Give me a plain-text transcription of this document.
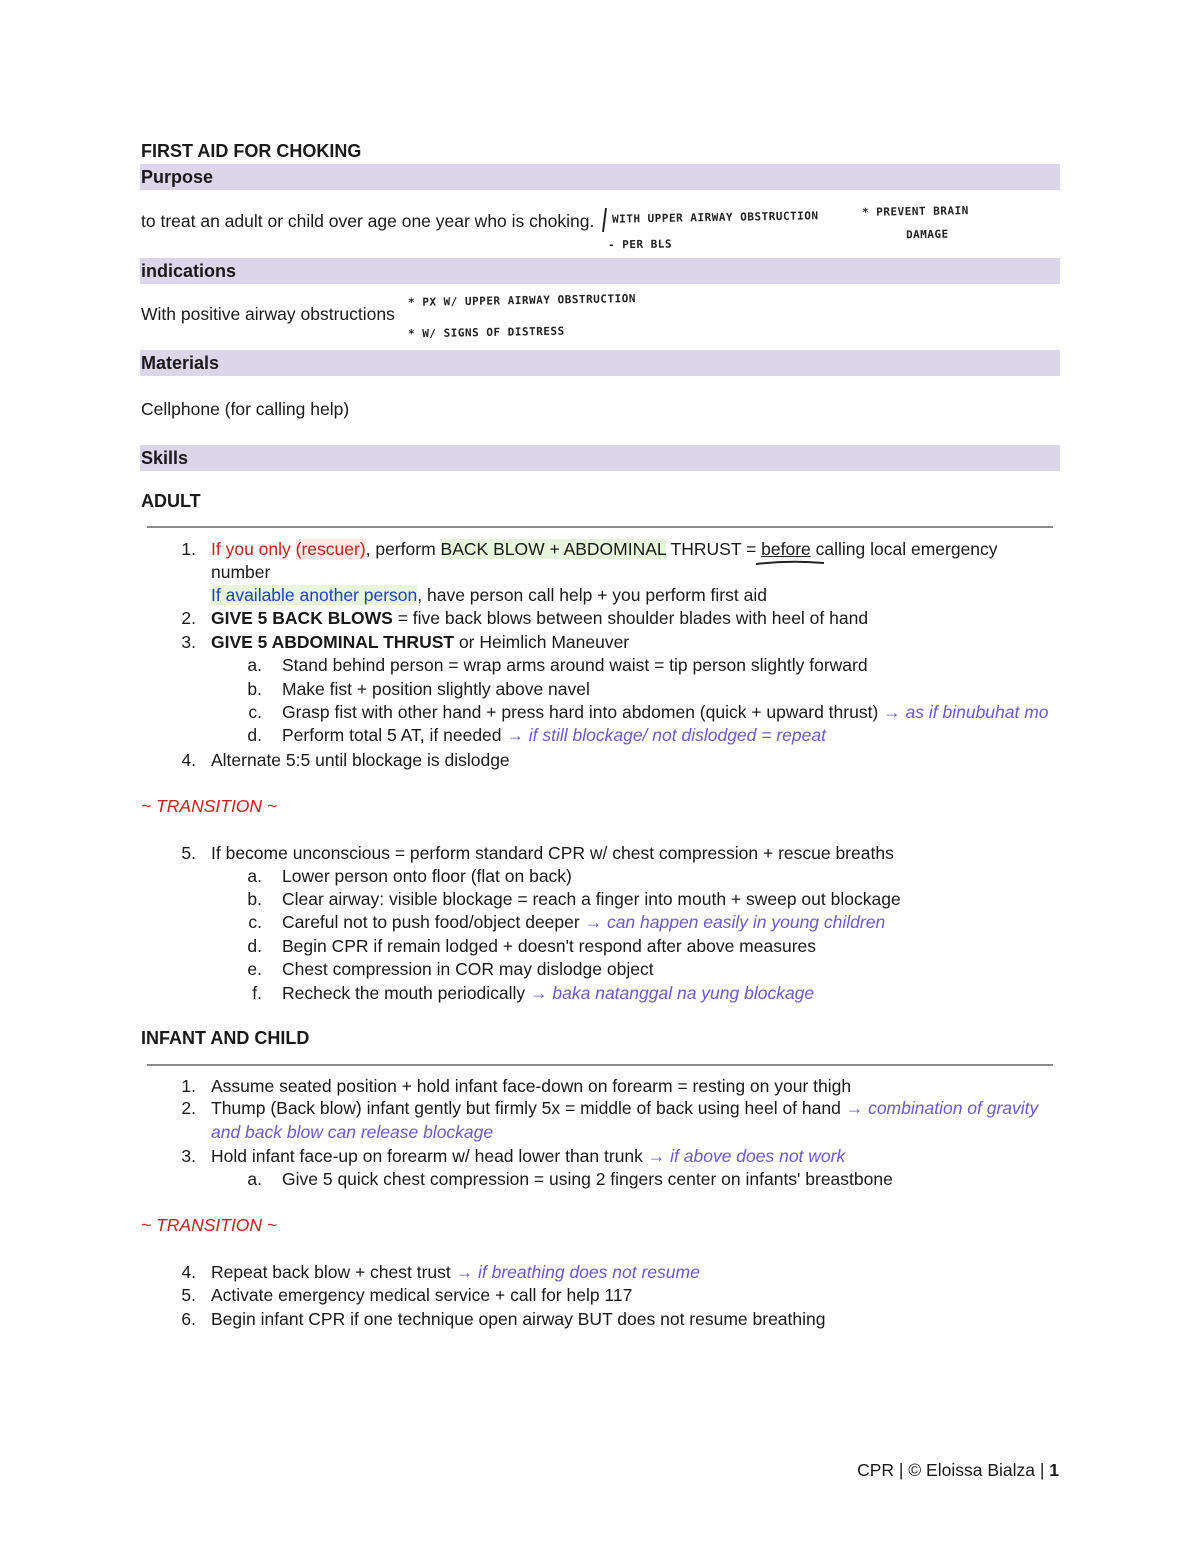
FIRST AID FOR CHOKING
Purpose
to treat an adult or child over age one year who is choking. WITH UPPER AIRWAY OBSTRUCTION
- PER BLS
* PREVENT BRAIN
DAMAGE
indications
With positive airway obstructions
* PX W/ UPPER AIRWAY OBSTRUCTION
* W/ SIGNS OF DISTRESS
Materials
Cellphone (for calling help)
Skills
ADULT
1. If you only (rescuer), perform BACK BLOW + ABDOMINAL THRUST = before calling local emergency
number
If available another person, have person call help + you perform first aid
2. GIVE 5 BACK BLOWS = five back blows between shoulder blades with heel of hand
3. GIVE 5 ABDOMINAL THRUST or Heimlich Maneuver
a. Stand behind person = wrap arms around waist = tip person slightly forward
b. Make fist + position slightly above navel
c. Grasp fist with other hand + press hard into abdomen (quick + upward thrust) → as if binubuhat mo
d. Perform total 5 AT, if needed → if still blockage/ not dislodged = repeat
4. Alternate 5:5 until blockage is dislodge
~ TRANSITION ~
5. If become unconscious = perform standard CPR w/ chest compression + rescue breaths
a. Lower person onto floor (flat on back)
b. Clear airway: visible blockage = reach a finger into mouth + sweep out blockage
c. Careful not to push food/object deeper → can happen easily in young children
d. Begin CPR if remain lodged + doesn't respond after above measures
e. Chest compression in COR may dislodge object
f. Recheck the mouth periodically → baka natanggal na yung blockage
INFANT AND CHILD
1. Assume seated position + hold infant face-down on forearm = resting on your thigh
2. Thump (Back blow) infant gently but firmly 5x = middle of back using heel of hand → combination of gravity
and back blow can release blockage
3. Hold infant face-up on forearm w/ head lower than trunk → if above does not work
a. Give 5 quick chest compression = using 2 fingers center on infants' breastbone
~ TRANSITION ~
4. Repeat back blow + chest trust → if breathing does not resume
5. Activate emergency medical service + call for help 117
6. Begin infant CPR if one technique open airway BUT does not resume breathing
CPR | © Eloissa Bialza | 1
